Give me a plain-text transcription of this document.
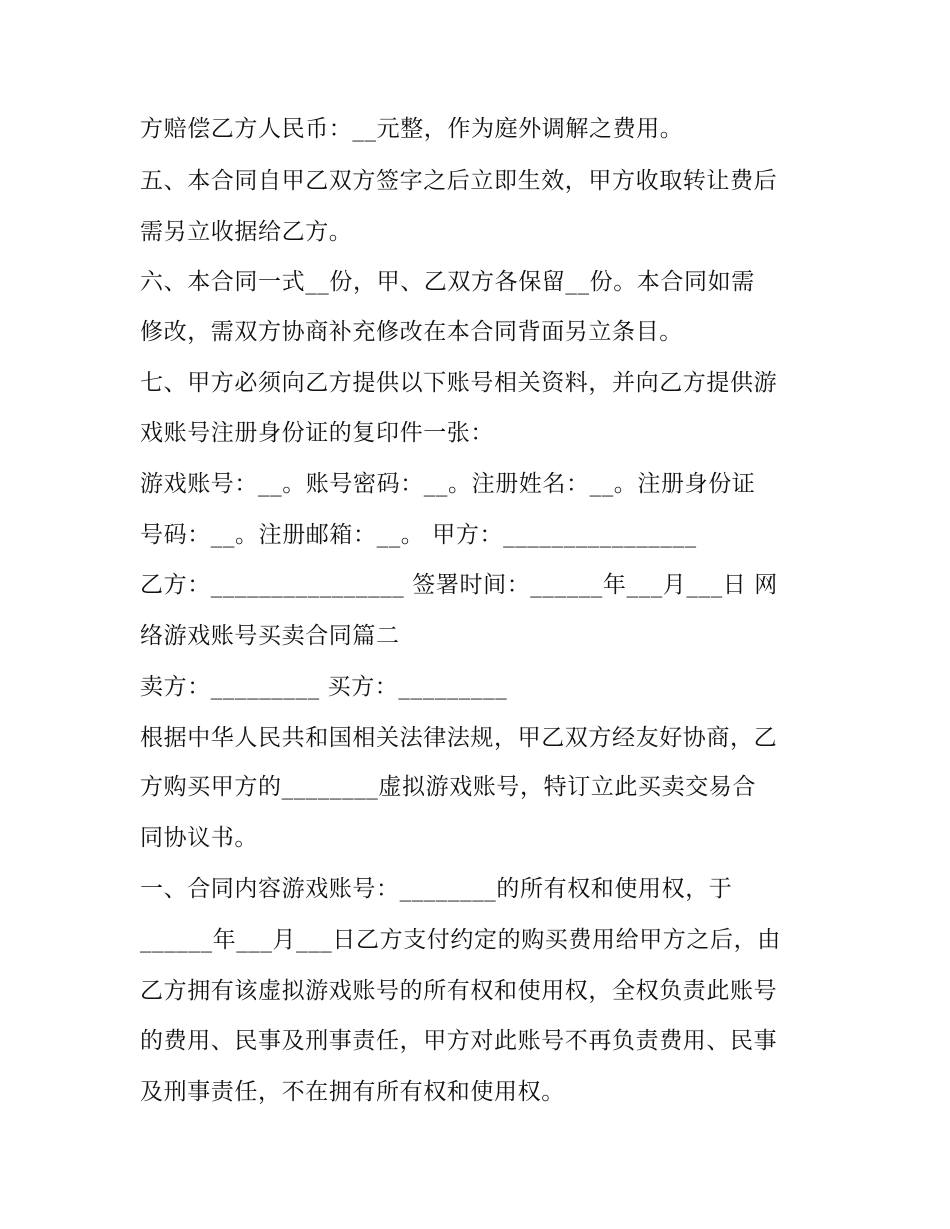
方赔偿乙方人民币：__元整，作为庭外调解之费用。
五、本合同自甲乙双方签字之后立即生效，甲方收取转让费后
需另立收据给乙方。
六、本合同一式__份，甲、乙双方各保留__份。本合同如需
修改，需双方协商补充修改在本合同背面另立条目。
七、甲方必须向乙方提供以下账号相关资料，并向乙方提供游
戏账号注册身份证的复印件一张：
游戏账号：__。账号密码：__。注册姓名：__。注册身份证
号码：__。注册邮箱：__。 甲方：________________
乙方：________________ 签署时间：______年___月___日 网
络游戏账号买卖合同篇二
卖方：_________ 买方：_________
根据中华人民共和国相关法律法规，甲乙双方经友好协商，乙
方购买甲方的________虚拟游戏账号，特订立此买卖交易合
同协议书。
一、合同内容游戏账号：________的所有权和使用权，于
______年___月___日乙方支付约定的购买费用给甲方之后，由
乙方拥有该虚拟游戏账号的所有权和使用权，全权负责此账号
的费用、民事及刑事责任，甲方对此账号不再负责费用、民事
及刑事责任，不在拥有所有权和使用权。
